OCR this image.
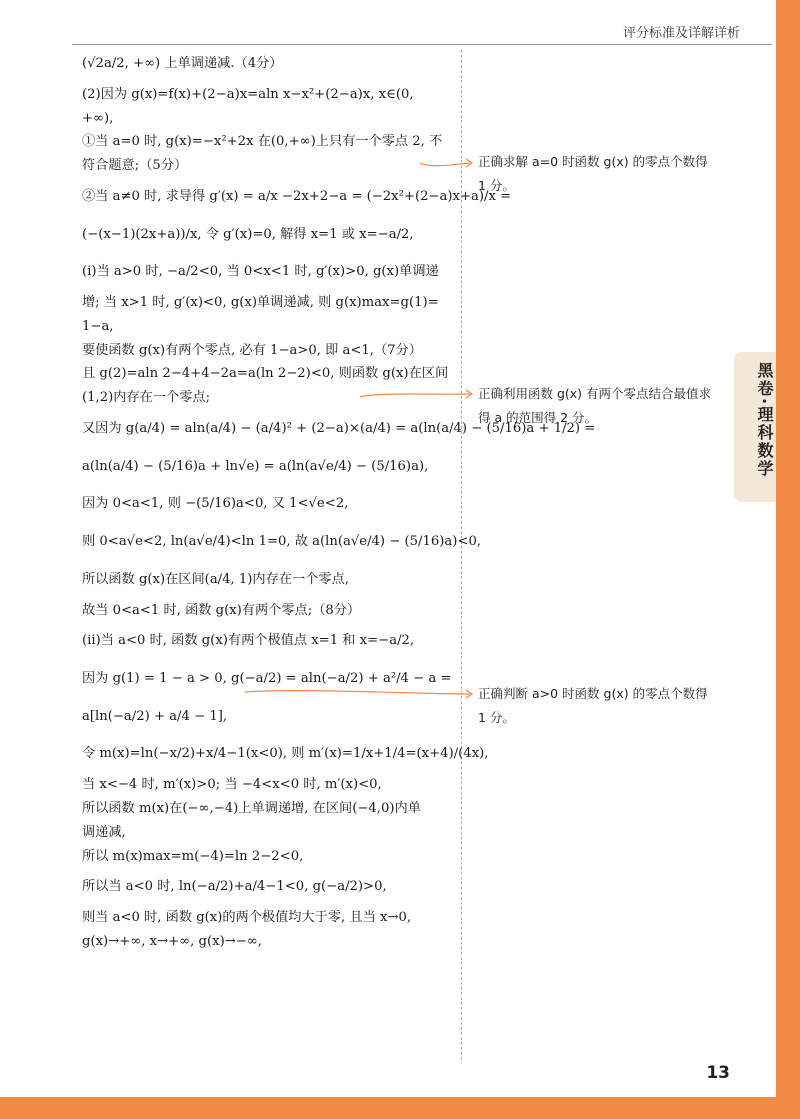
评分标准及详解详析
黑卷·理科数学
(√2a/2, +∞) 上单调递减.（4分）
(2)因为 g(x)=f(x)+(2−a)x=aln x−x²+(2−a)x, x∈(0,
+∞),
①当 a=0 时, g(x)=−x²+2x 在(0,+∞)上只有一个零点 2, 不
符合题意;（5分）
②当 a≠0 时, 求导得 g′(x) = a/x −2x+2−a = (−2x²+(2−a)x+a)/x =
(−(x−1)(2x+a))/x, 令 g′(x)=0, 解得 x=1 或 x=−a/2,
(ⅰ)当 a>0 时, −a/2<0, 当 0<x<1 时, g′(x)>0, g(x)单调递
增; 当 x>1 时, g′(x)<0, g(x)单调递减, 则 g(x)max=g(1)=
1−a,
要使函数 g(x)有两个零点, 必有 1−a>0, 即 a<1,（7分）
且 g(2)=aln 2−4+4−2a=a(ln 2−2)<0, 则函数 g(x)在区间
(1,2)内存在一个零点;
又因为 g(a/4) = aln(a/4) − (a/4)² + (2−a)×(a/4) = a(ln(a/4) − (5/16)a + 1/2) =
a(ln(a/4) − (5/16)a + ln√e) = a(ln(a√e/4) − (5/16)a),
因为 0<a<1, 则 −(5/16)a<0, 又 1<√e<2,
则 0<a√e<2, ln(a√e/4)<ln 1=0, 故 a(ln(a√e/4) − (5/16)a)<0,
所以函数 g(x)在区间(a/4, 1)内存在一个零点,
故当 0<a<1 时, 函数 g(x)有两个零点;（8分）
(ⅱ)当 a<0 时, 函数 g(x)有两个极值点 x=1 和 x=−a/2,
因为 g(1) = 1 − a > 0, g(−a/2) = aln(−a/2) + a²/4 − a =
a[ln(−a/2) + a/4 − 1],
令 m(x)=ln(−x/2)+x/4−1(x<0), 则 m′(x)=1/x+1/4=(x+4)/(4x),
当 x<−4 时, m′(x)>0; 当 −4<x<0 时, m′(x)<0,
所以函数 m(x)在(−∞,−4)上单调递增, 在区间(−4,0)内单
调递减,
所以 m(x)max=m(−4)=ln 2−2<0,
所以当 a<0 时, ln(−a/2)+a/4−1<0, g(−a/2)>0,
则当 a<0 时, 函数 g(x)的两个极值均大于零, 且当 x→0,
g(x)→+∞, x→+∞, g(x)→−∞,
正确求解 a=0 时函数 g(x) 的零点个数得
1 分。
正确利用函数 g(x) 有两个零点结合最值求
得 a 的范围得 2 分。
正确判断 a>0 时函数 g(x) 的零点个数得
1 分。
13
